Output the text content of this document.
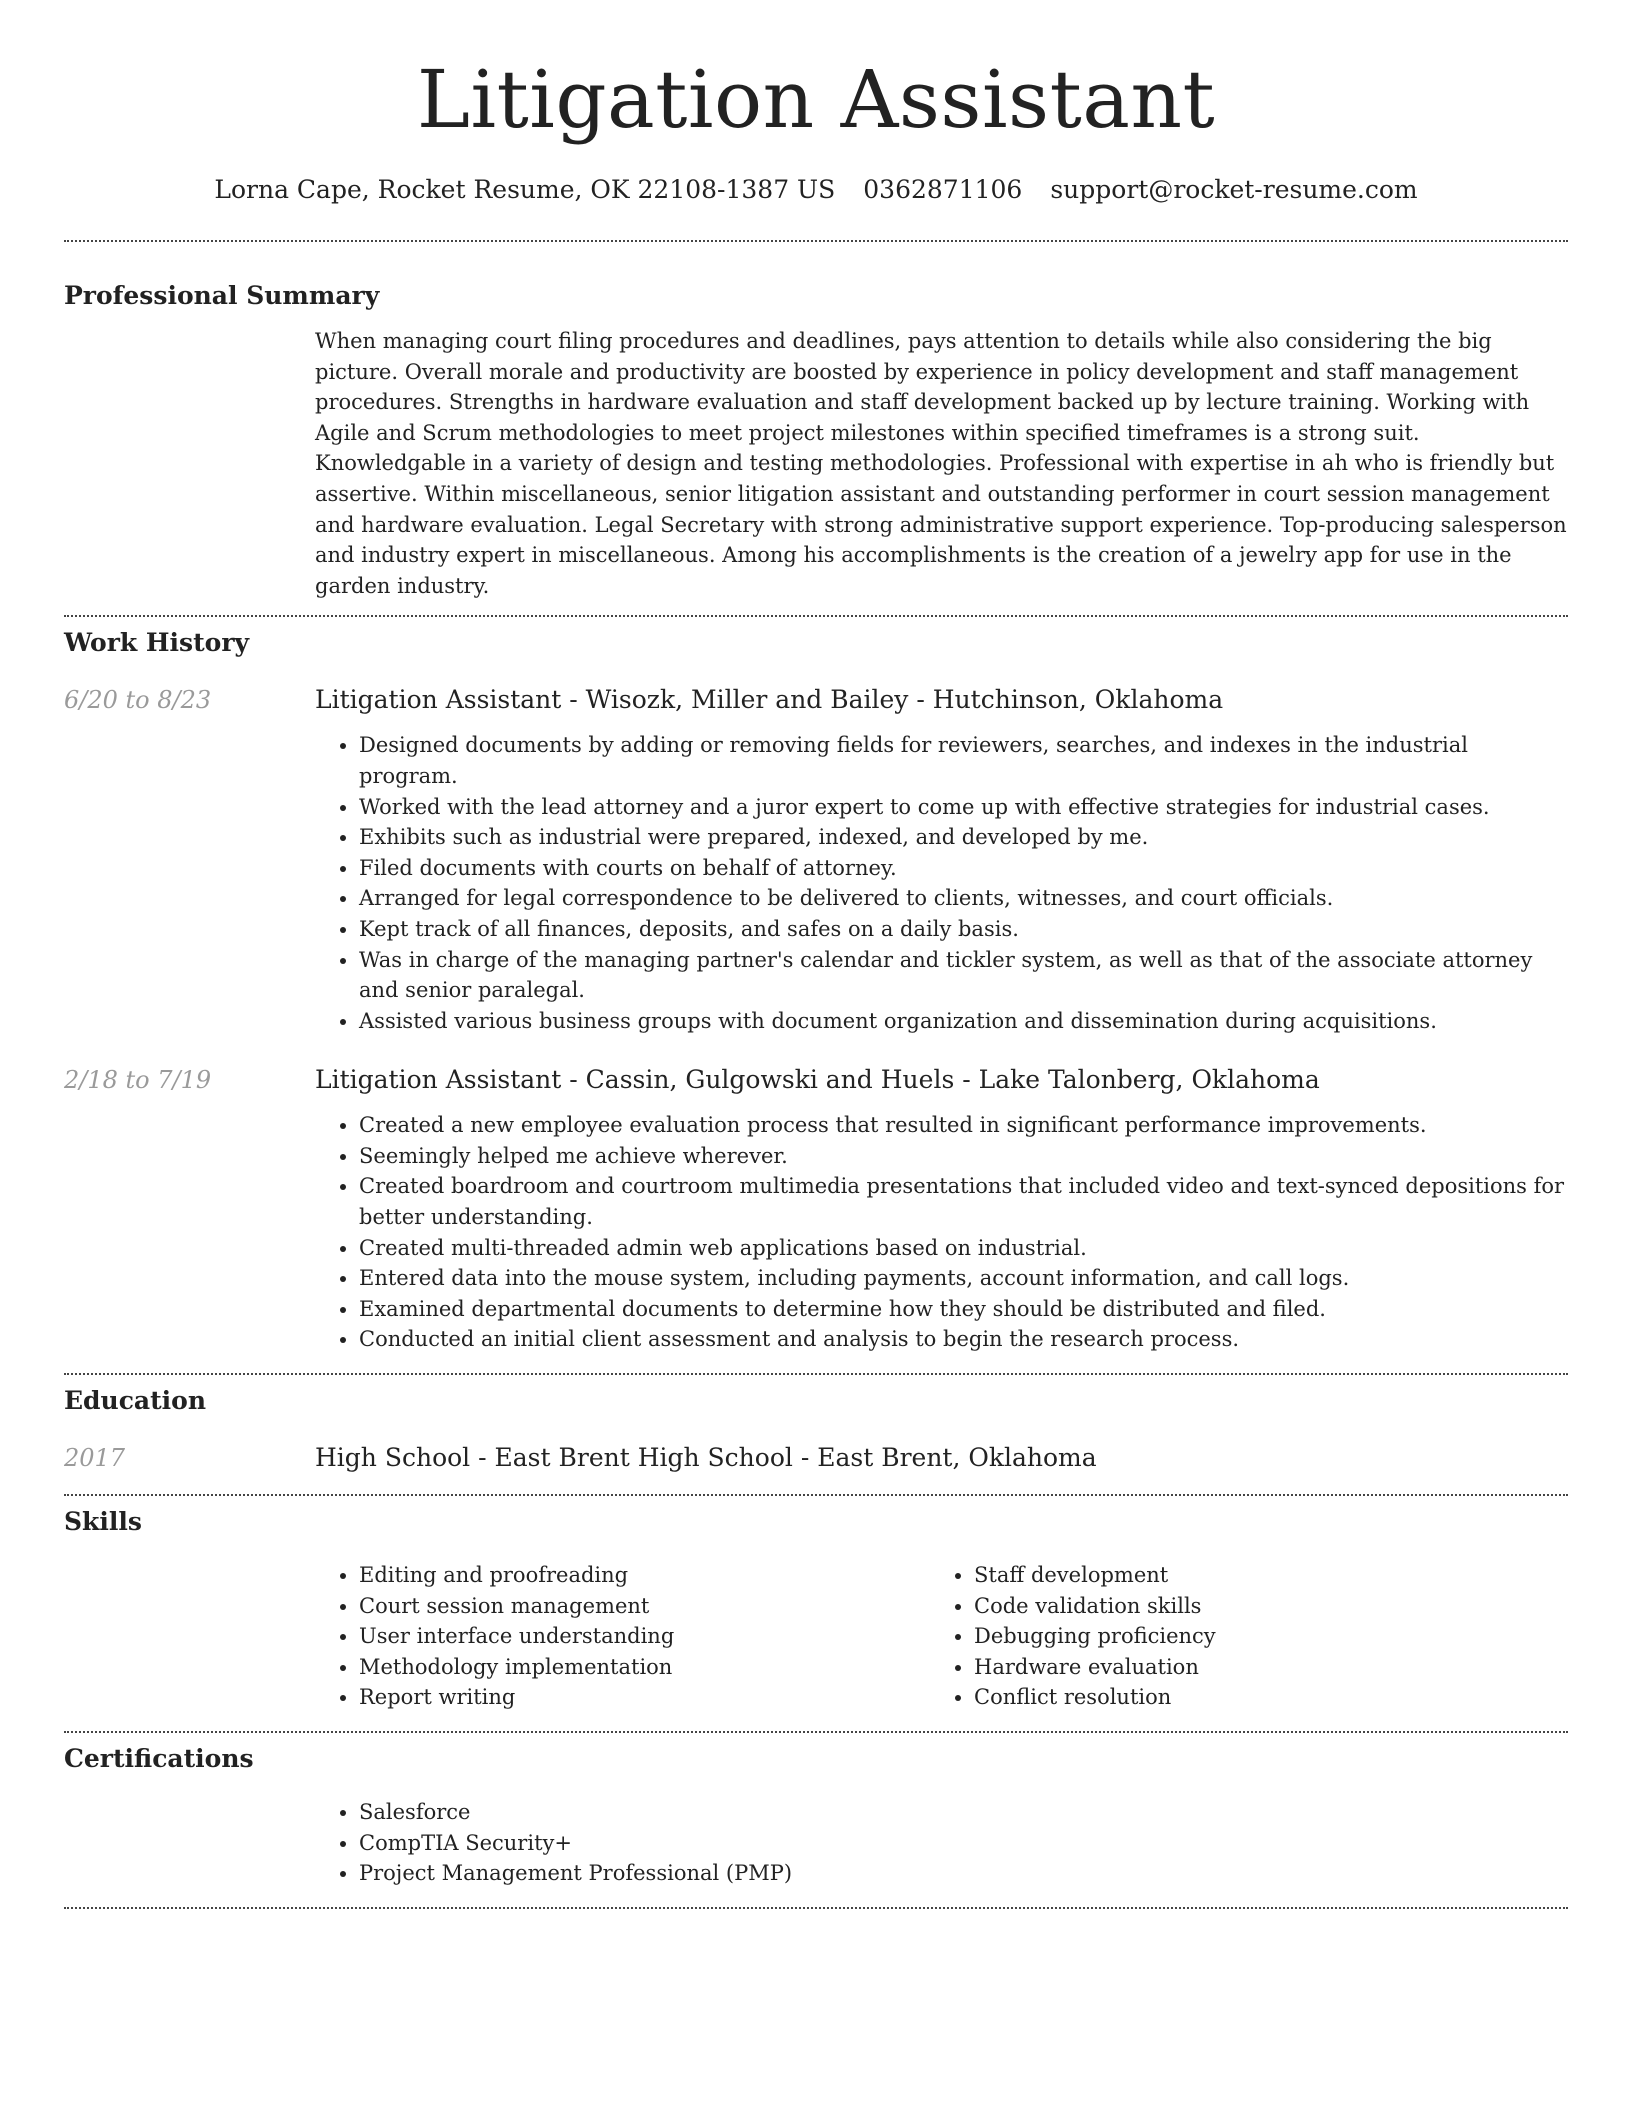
Litigation Assistant
Lorna Cape, Rocket Resume, OK 22108-1387 US 0362871106 support@rocket-resume.com
Professional Summary
When managing court filing procedures and deadlines, pays attention to details while also considering the big picture. Overall morale and productivity are boosted by experience in policy development and staff management procedures. Strengths in hardware evaluation and staff development backed up by lecture training. Working with Agile and Scrum methodologies to meet project milestones within specified timeframes is a strong suit. Knowledgable in a variety of design and testing methodologies. Professional with expertise in ah who is friendly but assertive. Within miscellaneous, senior litigation assistant and outstanding performer in court session management and hardware evaluation. Legal Secretary with strong administrative support experience. Top-producing salesperson and industry expert in miscellaneous. Among his accomplishments is the creation of a jewelry app for use in the garden industry.
Work History
6/20 to 8/23	Litigation Assistant - Wisozk, Miller and Bailey - Hutchinson, Oklahoma
• Designed documents by adding or removing fields for reviewers, searches, and indexes in the industrial program.
• Worked with the lead attorney and a juror expert to come up with effective strategies for industrial cases.
• Exhibits such as industrial were prepared, indexed, and developed by me.
• Filed documents with courts on behalf of attorney.
• Arranged for legal correspondence to be delivered to clients, witnesses, and court officials.
• Kept track of all finances, deposits, and safes on a daily basis.
• Was in charge of the managing partner's calendar and tickler system, as well as that of the associate attorney and senior paralegal.
• Assisted various business groups with document organization and dissemination during acquisitions.
2/18 to 7/19	Litigation Assistant - Cassin, Gulgowski and Huels - Lake Talonberg, Oklahoma
• Created a new employee evaluation process that resulted in significant performance improvements.
• Seemingly helped me achieve wherever.
• Created boardroom and courtroom multimedia presentations that included video and text-synced depositions for better understanding.
• Created multi-threaded admin web applications based on industrial.
• Entered data into the mouse system, including payments, account information, and call logs.
• Examined departmental documents to determine how they should be distributed and filed.
• Conducted an initial client assessment and analysis to begin the research process.
Education
2017	High School - East Brent High School - East Brent, Oklahoma
Skills
• Editing and proofreading
• Court session management
• User interface understanding
• Methodology implementation
• Report writing
• Staff development
• Code validation skills
• Debugging proficiency
• Hardware evaluation
• Conflict resolution
Certifications
• Salesforce
• CompTIA Security+
• Project Management Professional (PMP)
